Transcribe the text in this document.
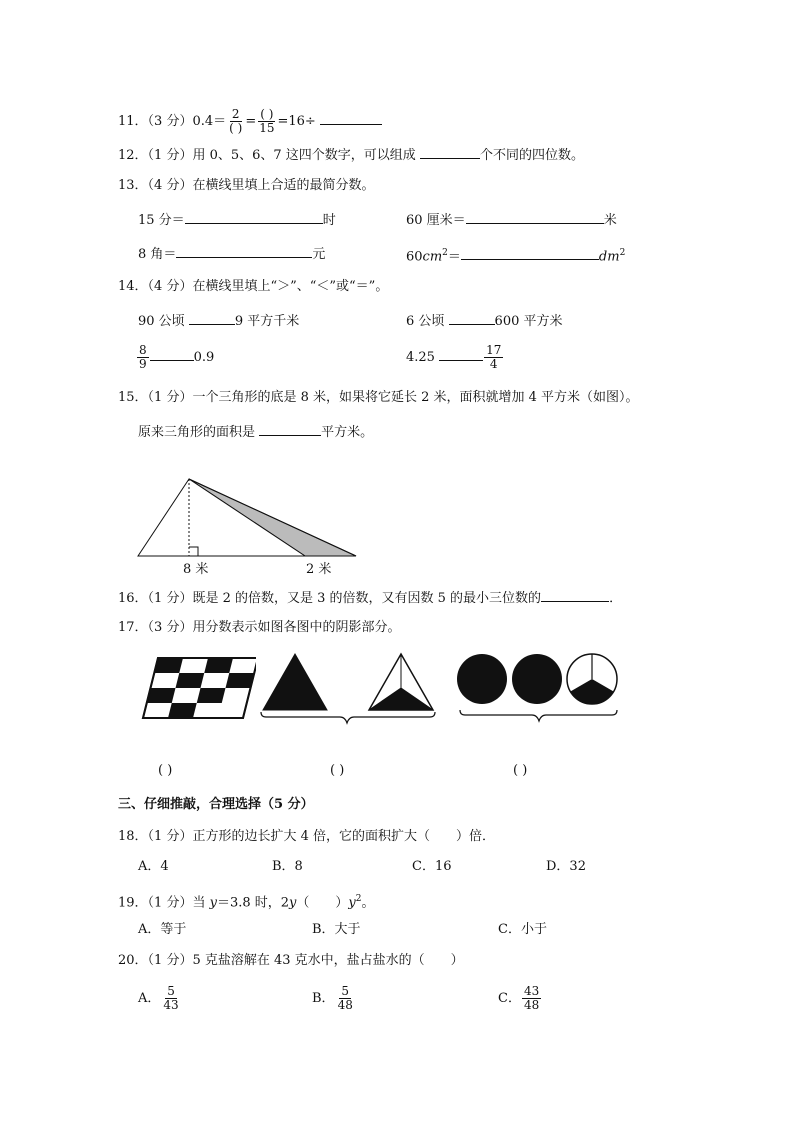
11．（3 分）$0.4= \frac{2}{( )} = \frac{( )}{15} =16\div$
12．（1 分）用 0、5、6、7 这四个数字，可以组成	个不同的四位数。
13．（4 分）在横线里填上合适的最简分数。
15 分＝	时	60 厘米＝	米
8 角＝	元	$60cm^2=$	$dm^2$
14．（4 分）在横线里填上“＞”、“＜”或“＝”。
90 公顷	9 平方千米	6 公顷	600 平方米
$\frac{8}{9}$	0.9	4.25	$\frac{17}{4}$
15．（1 分）一个三角形的底是 8 米，如果将它延长 2 米，面积就增加 4 平方米（如图）。
原来三角形的面积是	平方米。
8 米	2 米
16．（1 分）既是 2 的倍数，又是 3 的倍数，又有因数 5 的最小三位数的	．
17．（3 分）用分数表示如图各图中的阴影部分。
( )	( )	( )
三、仔细推敲，合理选择（5 分）
18．（1 分）正方形的边长扩大 4 倍，它的面积扩大（　　）倍．
A．4	B．8	C．16	D．32
19．（1 分）当 y＝3.8 时，2y（　　）$y^2$。
A．等于	B．大于	C．小于
20．（1 分）5 克盐溶解在 43 克水中，盐占盐水的（　　）
A． $\frac{5}{43}$	B． $\frac{5}{48}$	C． $\frac{43}{48}$
